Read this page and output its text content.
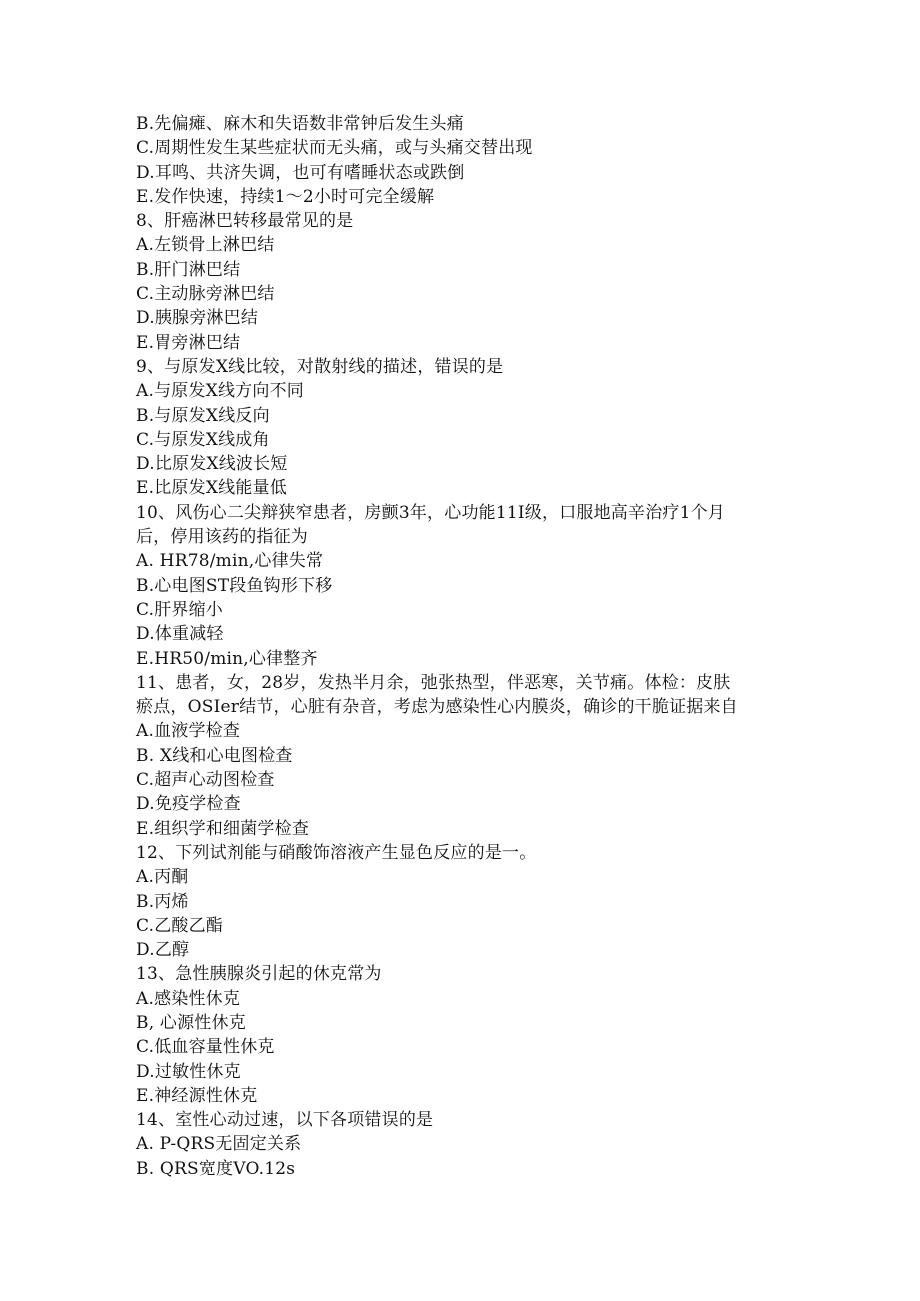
B.先偏瘫、麻木和失语数非常钟后发生头痛
C.周期性发生某些症状而无头痛，或与头痛交替出现
D.耳鸣、共济失调，也可有嗜睡状态或跌倒
E.发作快速，持续1～2小时可完全缓解
8、肝癌淋巴转移最常见的是
A.左锁骨上淋巴结
B.肝门淋巴结
C.主动脉旁淋巴结
D.胰腺旁淋巴结
E.胃旁淋巴结
9、与原发X线比较，对散射线的描述，错误的是
A.与原发X线方向不同
B.与原发X线反向
C.与原发X线成角
D.比原发X线波长短
E.比原发X线能量低
10、风伤心二尖辩狭窄患者，房颤3年，心功能11I级，口服地高辛治疗1个月
后，停用该药的指征为
A. HR78∕min,心律失常
B.心电图ST段鱼钩形下移
C.肝界缩小
D.体重减轻
E.HR50∕min,心律整齐
11、患者，女，28岁，发热半月余，弛张热型，伴恶寒，关节痛。体检：皮肤
瘀点，OSIer结节，心脏有杂音，考虑为感染性心内膜炎，确诊的干脆证据来自
A.血液学检查
B. X线和心电图检查
C.超声心动图检查
D.免疫学检查
E.组织学和细菌学检查
12、下列试剂能与硝酸饰溶液产生显色反应的是一。
A.丙酮
B.丙烯
C.乙酸乙酯
D.乙醇
13、急性胰腺炎引起的休克常为
A.感染性休克
B, 心源性休克
C.低血容量性休克
D.过敏性休克
E.神经源性休克
14、室性心动过速，以下各项错误的是
A. P-QRS无固定关系
B. QRS宽度VO.12s
